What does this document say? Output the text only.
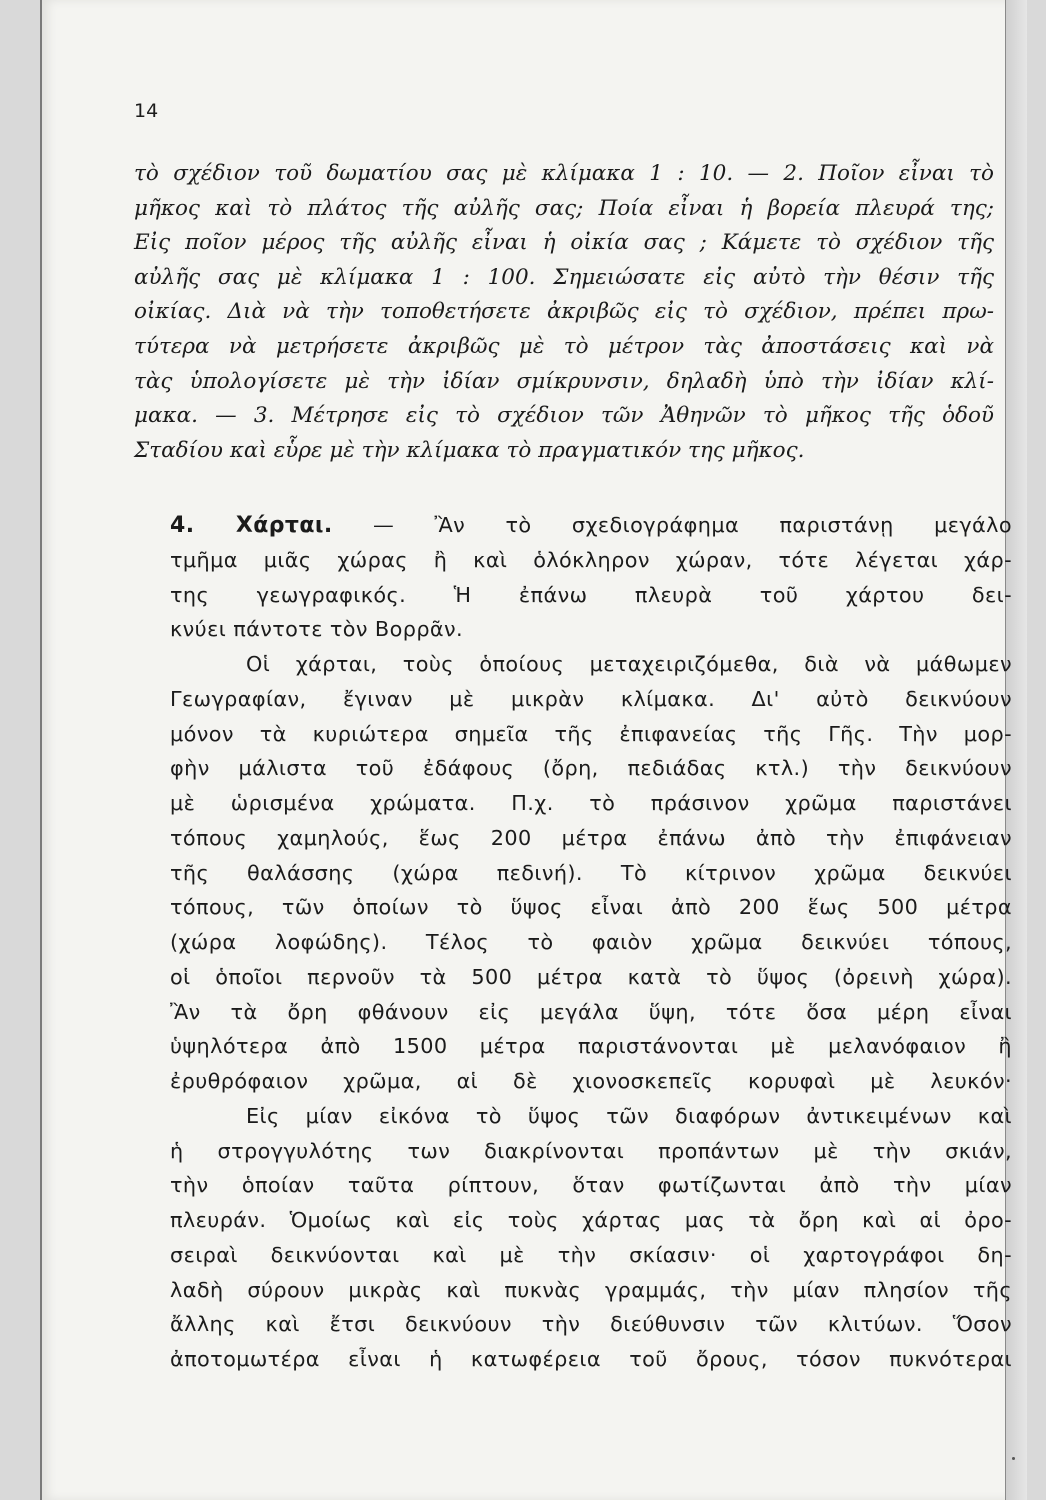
14
τὸ σχέδιον τοῦ δωματίου σας μὲ κλίμακα 1 : 10. — 2. Ποῖον εἶναι τὸ
μῆκος καὶ τὸ πλάτος τῆς αὐλῆς σας; Ποία εἶναι ἡ βορεία πλευρά της;
Εἰς ποῖον μέρος τῆς αὐλῆς εἶναι ἡ οἰκία σας ; Κάμετε τὸ σχέδιον τῆς
αὐλῆς σας μὲ κλίμακα 1 : 100. Σημειώσατε εἰς αὐτὸ τὴν θέσιν τῆς
οἰκίας. Διὰ νὰ τὴν τοποθετήσετε ἀκριβῶς εἰς τὸ σχέδιον, πρέπει πρω-
τύτερα νὰ μετρήσετε ἀκριβῶς μὲ τὸ μέτρον τὰς ἀποστάσεις καὶ νὰ
τὰς ὑπολογίσετε μὲ τὴν ἰδίαν σμίκρυνσιν, δηλαδὴ ὑπὸ τὴν ἰδίαν κλί-
μακα. — 3. Μέτρησε εἰς τὸ σχέδιον τῶν Ἀθηνῶν τὸ μῆκος τῆς ὁδοῦ
Σταδίου καὶ εὗρε μὲ τὴν κλίμακα τὸ πραγματικόν της μῆκος.
4. Χάρται. — Ἂν τὸ σχεδιογράφημα παριστάνῃ μεγάλο
τμῆμα μιᾶς χώρας ἢ καὶ ὁλόκληρον χώραν, τότε λέγεται χάρ-
της γεωγραφικός. Ἡ ἐπάνω πλευρὰ τοῦ χάρτου δει-
κνύει πάντοτε τὸν Βορρᾶν.
Οἱ χάρται, τοὺς ὁποίους μεταχειριζόμεθα, διὰ νὰ μάθωμεν
Γεωγραφίαν, ἔγιναν μὲ μικρὰν κλίμακα. Δι' αὐτὸ δεικνύουν
μόνον τὰ κυριώτερα σημεῖα τῆς ἐπιφανείας τῆς Γῆς. Τὴν μορ-
φὴν μάλιστα τοῦ ἐδάφους (ὄρη, πεδιάδας κτλ.) τὴν δεικνύουν
μὲ ὡρισμένα χρώματα. Π.χ. τὸ πράσινον χρῶμα παριστάνει
τόπους χαμηλούς, ἕως 200 μέτρα ἐπάνω ἀπὸ τὴν ἐπιφάνειαν
τῆς θαλάσσης (χώρα πεδινή). Τὸ κίτρινον χρῶμα δεικνύει
τόπους, τῶν ὁποίων τὸ ὕψος εἶναι ἀπὸ 200 ἕως 500 μέτρα
(χώρα λοφώδης). Τέλος τὸ φαιὸν χρῶμα δεικνύει τόπους,
οἱ ὁποῖοι περνοῦν τὰ 500 μέτρα κατὰ τὸ ὕψος (ὀρεινὴ χώρα).
Ἂν τὰ ὄρη φθάνουν εἰς μεγάλα ὕψη, τότε ὅσα μέρη εἶναι
ὑψηλότερα ἀπὸ 1500 μέτρα παριστάνονται μὲ μελανόφαιον ἢ
ἐρυθρόφαιον χρῶμα, αἱ δὲ χιονοσκεπεῖς κορυφαὶ μὲ λευκόν·
Εἰς μίαν εἰκόνα τὸ ὕψος τῶν διαφόρων ἀντικειμένων καὶ
ἡ στρογγυλότης των διακρίνονται προπάντων μὲ τὴν σκιάν,
τὴν ὁποίαν ταῦτα ρίπτουν, ὅταν φωτίζωνται ἀπὸ τὴν μίαν
πλευράν. Ὁμοίως καὶ εἰς τοὺς χάρτας μας τὰ ὄρη καὶ αἱ ὀρο-
σειραὶ δεικνύονται καὶ μὲ τὴν σκίασιν· οἱ χαρτογράφοι δη-
λαδὴ σύρουν μικρὰς καὶ πυκνὰς γραμμάς, τὴν μίαν πλησίον τῆς
ἄλλης καὶ ἔτσι δεικνύουν τὴν διεύθυνσιν τῶν κλιτύων. Ὅσον
ἀποτομωτέρα εἶναι ἡ κατωφέρεια τοῦ ὄρους, τόσον πυκνότεραι
